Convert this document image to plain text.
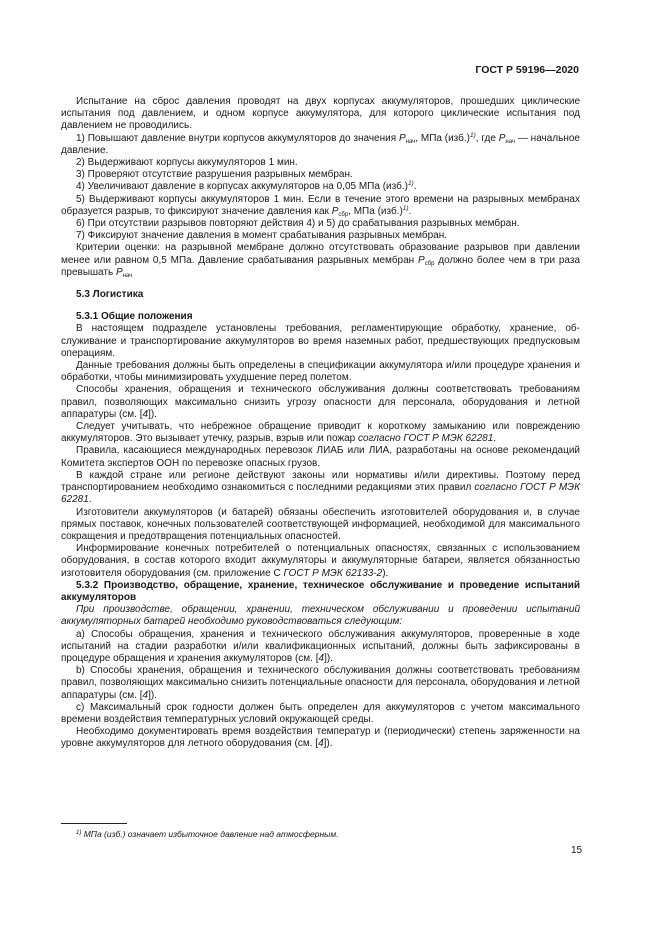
ГОСТ Р 59196—2020

Испытание на сброс давления проводят на двух корпусах аккумуляторов, прошедших циклические испытания под давлением, и одном корпусе аккумулятора, для которого циклические испытания под давлением не проводились.

1) Повышают давление внутри корпусов аккумуляторов до значения $P_{нач}$, МПа $(изб.)^{1)}$, где $P_{нач}$ — начальное давление.

2) Выдерживают корпусы аккумуляторов 1 мин.

3) Проверяют отсутствие разрушения разрывных мембран.

4) Увеличивают давление в корпусах аккумуляторов на 0,05 МПа $(изб.)^{1)}$.

5) Выдерживают корпусы аккумуляторов 1 мин. Если в течение этого времени на разрывных мембранах образуется разрыв, то фиксируют значение давления как $P_{сбр}$, МПа $(изб.)^{1)}$.

6) При отсутствии разрывов повторяют действия 4) и 5) до срабатывания разрывных мембран.

7) Фиксируют значение давления в момент срабатывания разрывных мембран.

Критерии оценки: на разрывной мембране должно отсутствовать образование разрывов при давлении менее или равном 0,5 МПа. Давление срабатывания разрывных мембран $P_{сбр}$ должно более чем в три раза превышать $P_{нач}$

5.3 Логистика

5.3.1 Общие положения

В настоящем подразделе установлены требования, регламентирующие обработку, хранение, обслуживание и транспортирование аккумуляторов во время наземных работ, предшествующих предпусковым операциям.

Данные требования должны быть определены в спецификации аккумулятора и/или процедуре хранения и обработки, чтобы минимизировать ухудшение перед полетом.

Способы хранения, обращения и технического обслуживания должны соответствовать требованиям правил, позволяющих максимально снизить угрозу опасности для персонала, оборудования и летной аппаратуры (см. [4]).

Следует учитывать, что небрежное обращение приводит к короткому замыканию или повреждению аккумуляторов. Это вызывает утечку, разрыв, взрыв или пожар согласно ГОСТ Р МЭК 62281.

Правила, касающиеся международных перевозок ЛИАБ или ЛИА, разработаны на основе рекомендаций Комитета экспертов ООН по перевозке опасных грузов.

В каждой стране или регионе действуют законы или нормативы и/или директивы. Поэтому перед транспортированием необходимо ознакомиться с последними редакциями этих правил согласно ГОСТ Р МЭК 62281.

Изготовители аккумуляторов (и батарей) обязаны обеспечить изготовителей оборудования и, в случае прямых поставок, конечных пользователей соответствующей информацией, необходимой для максимального сокращения и предотвращения потенциальных опасностей.

Информирование конечных потребителей о потенциальных опасностях, связанных с использованием оборудования, в состав которого входит аккумуляторы и аккумуляторные батареи, является обязанностью изготовителя оборудования (см. приложение С ГОСТ Р МЭК 62133-2).

5.3.2 Производство, обращение, хранение, техническое обслуживание и проведение испытаний аккумуляторов

При производстве, обращении, хранении, техническом обслуживании и проведении испытаний аккумуляторных батарей необходимо руководствоваться следующим:

a) Способы обращения, хранения и технического обслуживания аккумуляторов, проверенные в ходе испытаний на стадии разработки и/или квалификационных испытаний, должны быть зафиксированы в процедуре обращения и хранения аккумуляторов (см. [4]).

b) Способы хранения, обращения и технического обслуживания должны соответствовать требованиям правил, позволяющих максимально снизить потенциальные опасности для персонала, оборудования и летной аппаратуры (см. [4]).

c) Максимальный срок годности должен быть определен для аккумуляторов с учетом максимального времени воздействия температурных условий окружающей среды.

Необходимо документировать время воздействия температур и (периодически) степень заряженности на уровне аккумуляторов для летного оборудования (см. [4]).

$^{1)}$ МПа (изб.) означает избыточное давление над атмосферным.
15
